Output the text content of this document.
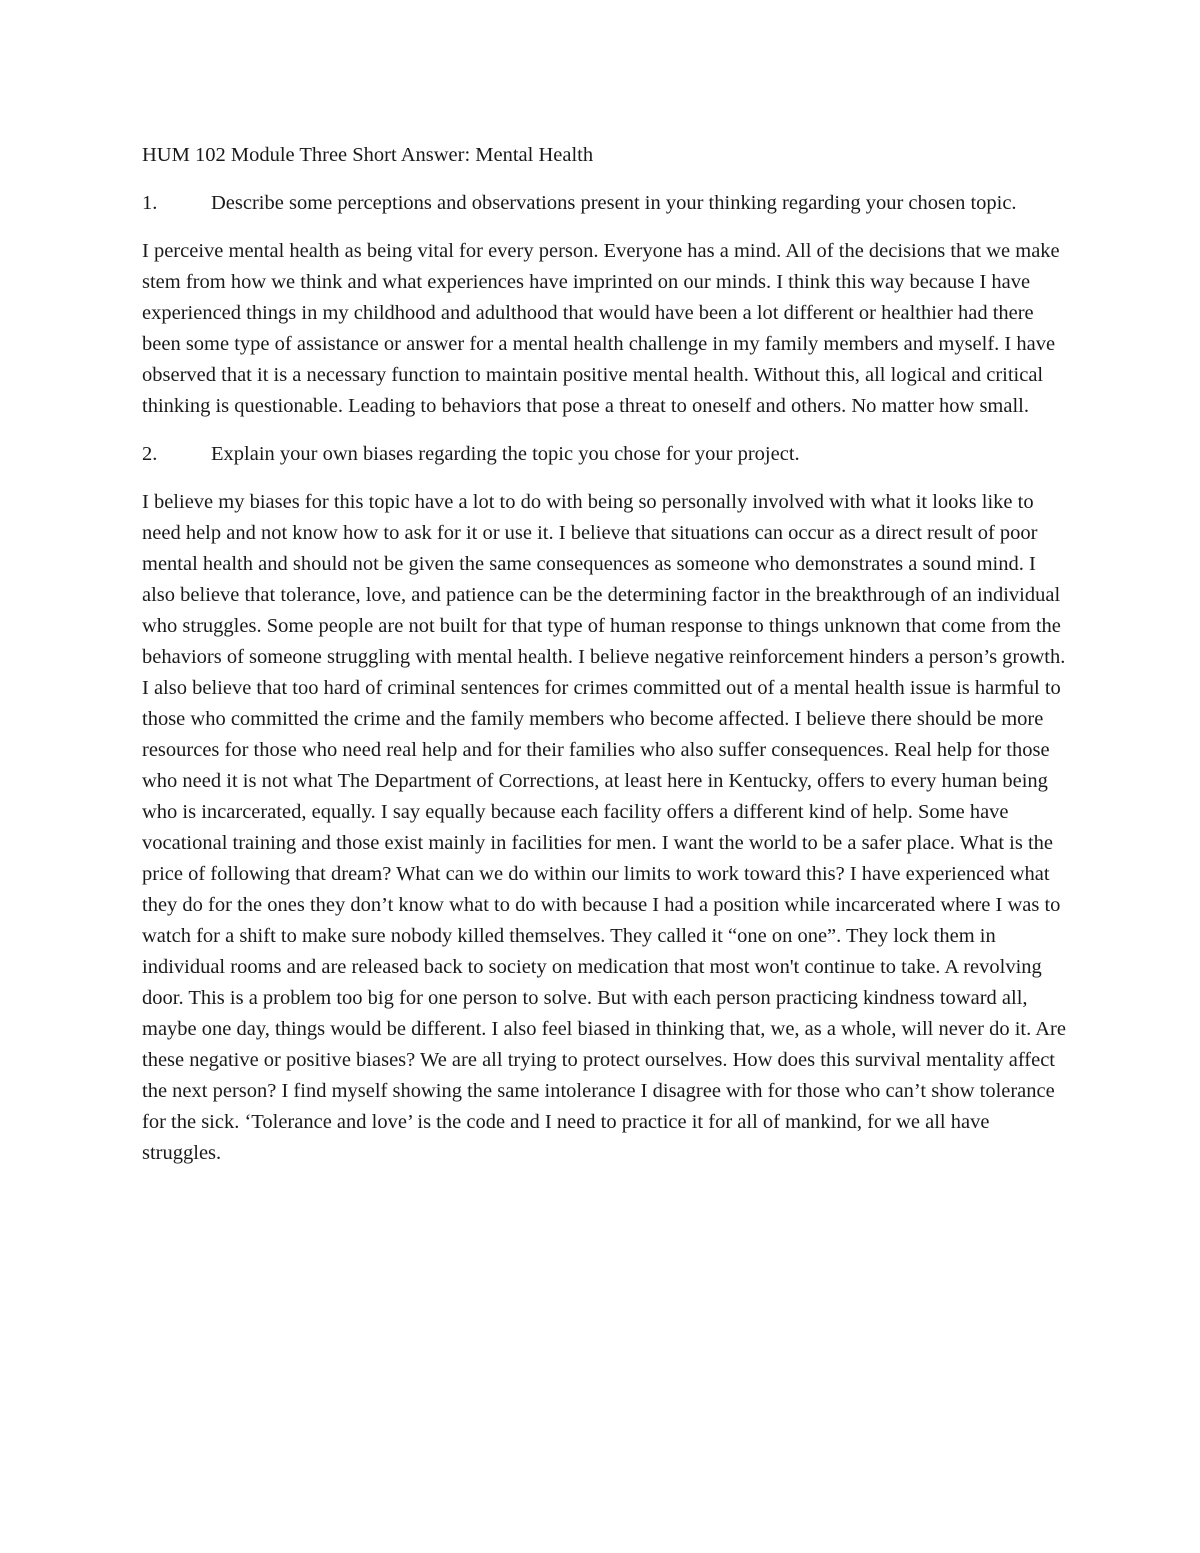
HUM 102 Module Three Short Answer: Mental Health

1.	Describe some perceptions and observations present in your thinking regarding your chosen topic.

I perceive mental health as being vital for every person. Everyone has a mind. All of the decisions that we make stem from how we think and what experiences have imprinted on our minds. I think this way because I have experienced things in my childhood and adulthood that would have been a lot different or healthier had there been some type of assistance or answer for a mental health challenge in my family members and myself. I have observed that it is a necessary function to maintain positive mental health. Without this, all logical and critical thinking is questionable. Leading to behaviors that pose a threat to oneself and others. No matter how small.

2.	Explain your own biases regarding the topic you chose for your project.

I believe my biases for this topic have a lot to do with being so personally involved with what it looks like to need help and not know how to ask for it or use it. I believe that situations can occur as a direct result of poor mental health and should not be given the same consequences as someone who demonstrates a sound mind. I also believe that tolerance, love, and patience can be the determining factor in the breakthrough of an individual who struggles. Some people are not built for that type of human response to things unknown that come from the behaviors of someone struggling with mental health. I believe negative reinforcement hinders a person’s growth. I also believe that too hard of criminal sentences for crimes committed out of a mental health issue is harmful to those who committed the crime and the family members who become affected. I believe there should be more resources for those who need real help and for their families who also suffer consequences. Real help for those who need it is not what The Department of Corrections, at least here in Kentucky, offers to every human being who is incarcerated, equally. I say equally because each facility offers a different kind of help. Some have vocational training and those exist mainly in facilities for men. I want the world to be a safer place. What is the price of following that dream? What can we do within our limits to work toward this? I have experienced what they do for the ones they don’t know what to do with because I had a position while incarcerated where I was to watch for a shift to make sure nobody killed themselves. They called it “one on one”. They lock them in individual rooms and are released back to society on medication that most won't continue to take. A revolving door. This is a problem too big for one person to solve. But with each person practicing kindness toward all, maybe one day, things would be different. I also feel biased in thinking that, we, as a whole, will never do it. Are these negative or positive biases? We are all trying to protect ourselves. How does this survival mentality affect the next person? I find myself showing the same intolerance I disagree with for those who can’t show tolerance for the sick. ‘Tolerance and love’ is the code and I need to practice it for all of mankind, for we all have struggles.
